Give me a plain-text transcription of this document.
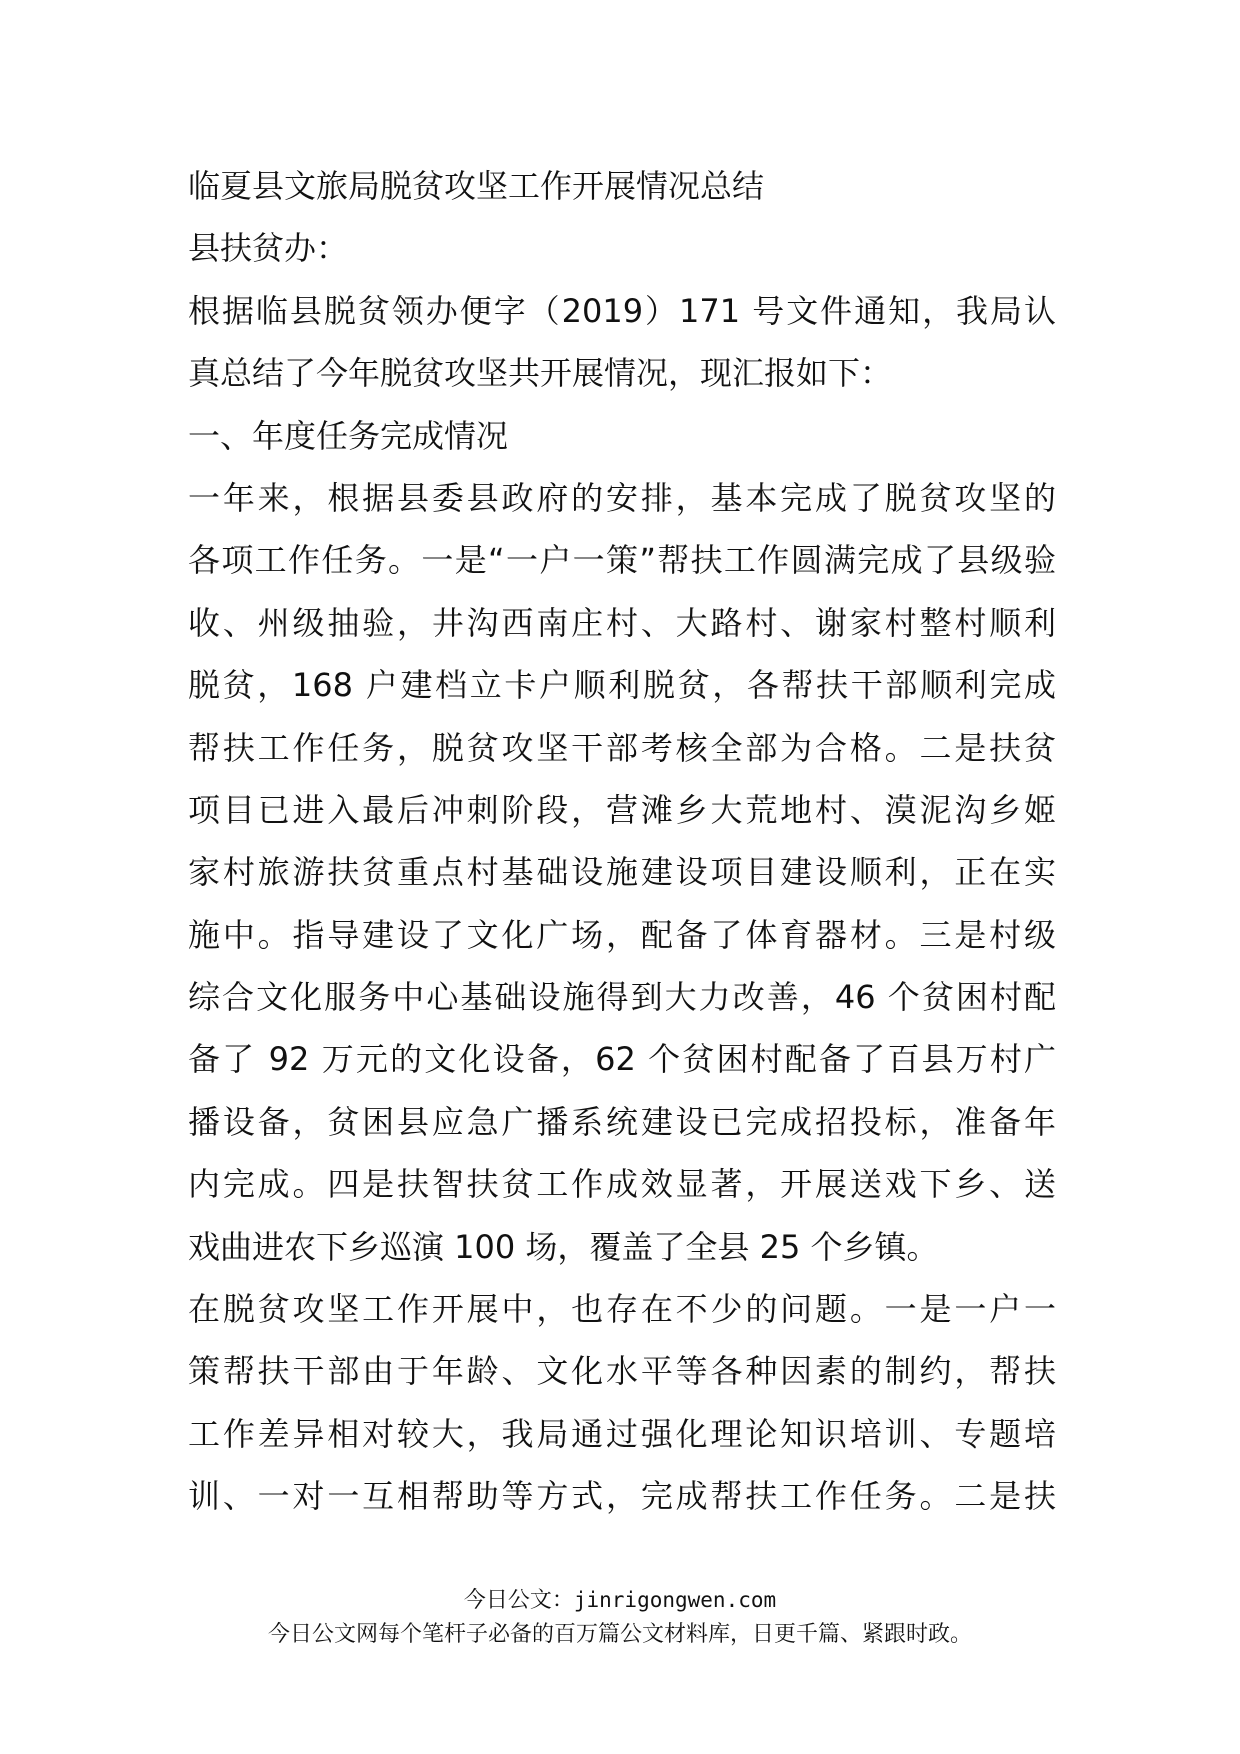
临夏县文旅局脱贫攻坚工作开展情况总结
县扶贫办：
根据临县脱贫领办便字（2019）171 号文件通知，我局认
真总结了今年脱贫攻坚共开展情况，现汇报如下：
一、年度任务完成情况
一年来，根据县委县政府的安排，基本完成了脱贫攻坚的
各项工作任务。一是“一户一策”帮扶工作圆满完成了县级验
收、州级抽验，井沟西南庄村、大路村、谢家村整村顺利
脱贫，168 户建档立卡户顺利脱贫，各帮扶干部顺利完成
帮扶工作任务，脱贫攻坚干部考核全部为合格。二是扶贫
项目已进入最后冲刺阶段，营滩乡大荒地村、漠泥沟乡姬
家村旅游扶贫重点村基础设施建设项目建设顺利，正在实
施中。指导建设了文化广场，配备了体育器材。三是村级
综合文化服务中心基础设施得到大力改善，46 个贫困村配
备了 92 万元的文化设备，62 个贫困村配备了百县万村广
播设备，贫困县应急广播系统建设已完成招投标，准备年
内完成。四是扶智扶贫工作成效显著，开展送戏下乡、送
戏曲进农下乡巡演 100 场，覆盖了全县 25 个乡镇。
在脱贫攻坚工作开展中，也存在不少的问题。一是一户一
策帮扶干部由于年龄、文化水平等各种因素的制约，帮扶
工作差异相对较大，我局通过强化理论知识培训、专题培
训、一对一互相帮助等方式，完成帮扶工作任务。二是扶
今日公文：jinrigongwen.com
今日公文网每个笔杆子必备的百万篇公文材料库，日更千篇、紧跟时政。
